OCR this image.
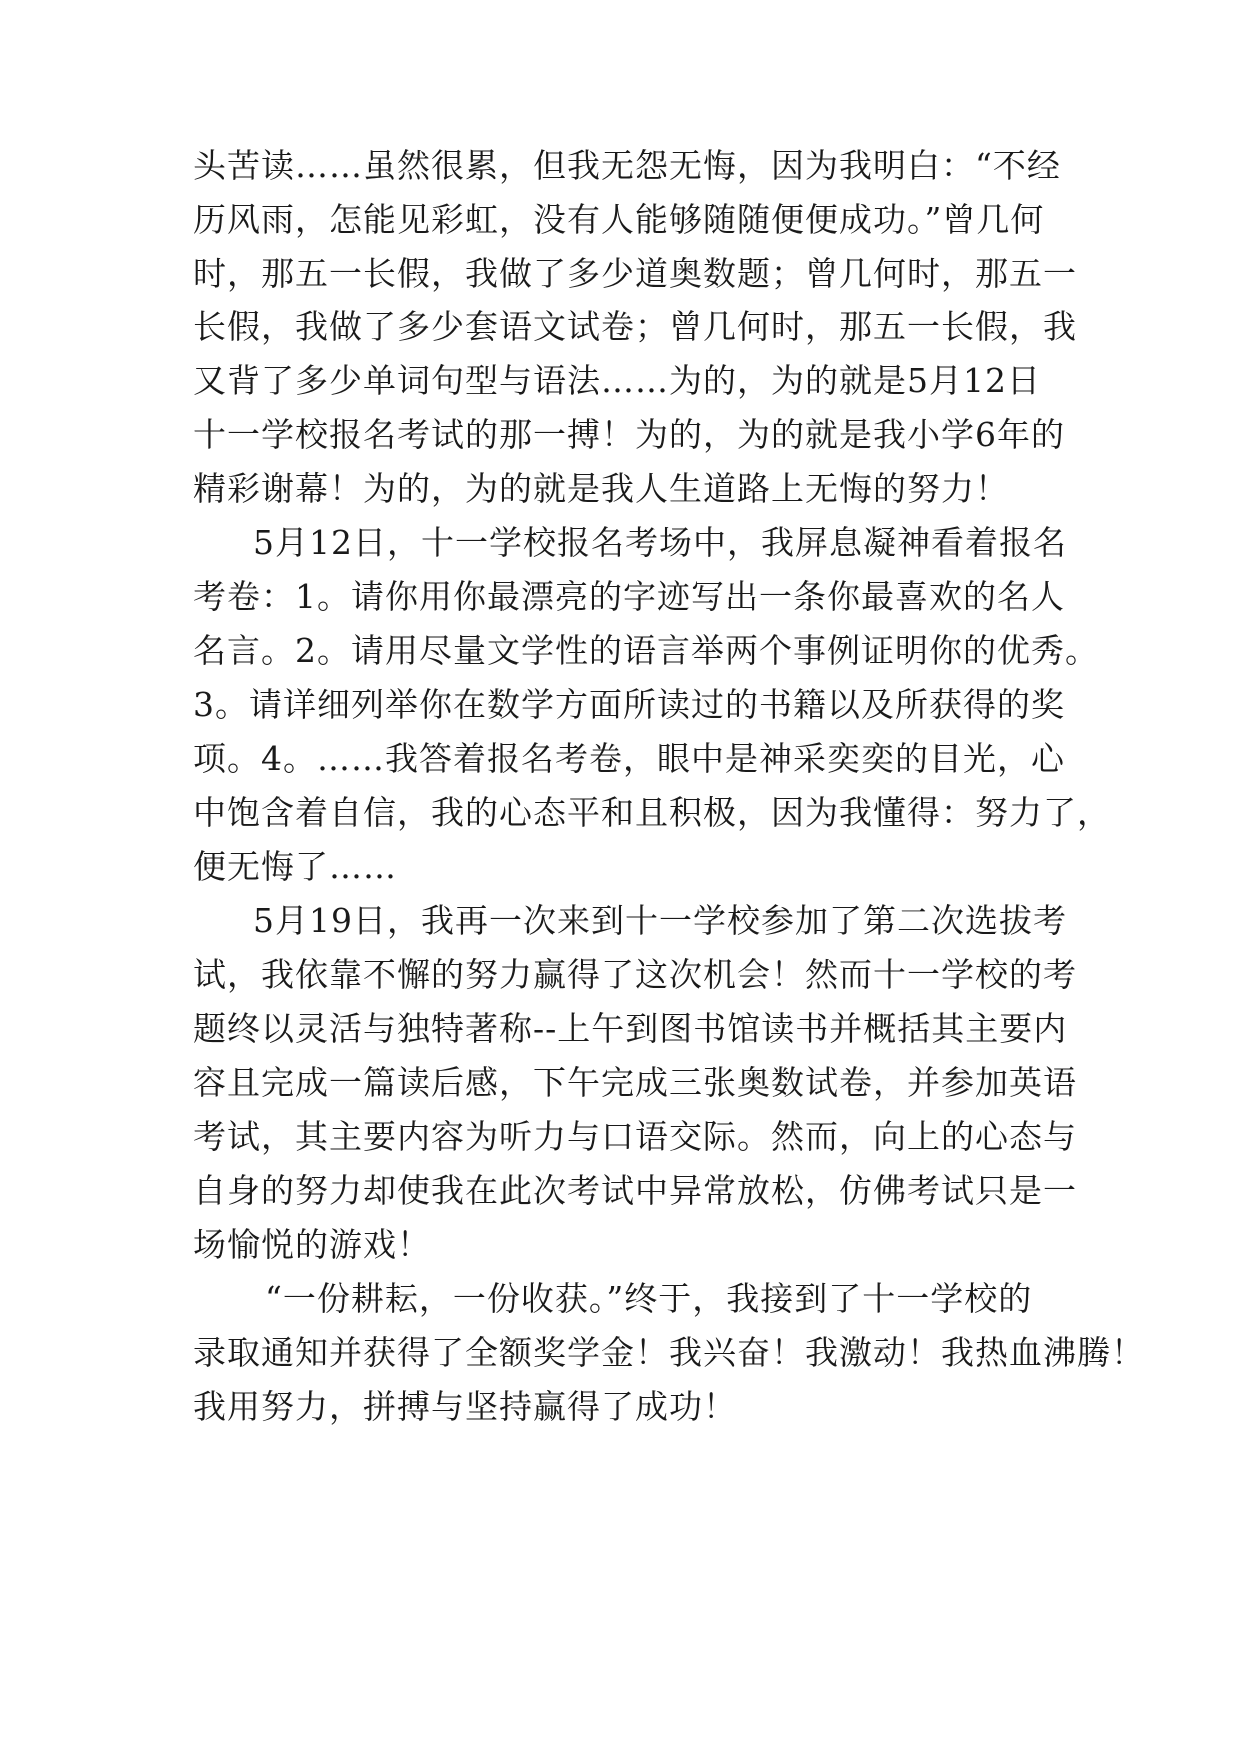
头苦读……虽然很累，但我无怨无悔，因为我明白：“不经
历风雨，怎能见彩虹，没有人能够随随便便成功。”曾几何
时，那五一长假，我做了多少道奥数题；曾几何时，那五一
长假，我做了多少套语文试卷；曾几何时，那五一长假，我
又背了多少单词句型与语法……为的，为的就是5月12日
十一学校报名考试的那一搏！为的，为的就是我小学6年的
精彩谢幕！为的，为的就是我人生道路上无悔的努力！
5月12日，十一学校报名考场中，我屏息凝神看着报名
考卷：1。请你用你最漂亮的字迹写出一条你最喜欢的名人
名言。2。请用尽量文学性的语言举两个事例证明你的优秀。
3。请详细列举你在数学方面所读过的书籍以及所获得的奖
项。4。……我答着报名考卷，眼中是神采奕奕的目光，心
中饱含着自信，我的心态平和且积极，因为我懂得：努力了，
便无悔了……
5月19日，我再一次来到十一学校参加了第二次选拔考
试，我依靠不懈的努力赢得了这次机会！然而十一学校的考
题终以灵活与独特著称--上午到图书馆读书并概括其主要内
容且完成一篇读后感，下午完成三张奥数试卷，并参加英语
考试，其主要内容为听力与口语交际。然而，向上的心态与
自身的努力却使我在此次考试中异常放松，仿佛考试只是一
场愉悦的游戏！
“一份耕耘，一份收获。”终于，我接到了十一学校的
录取通知并获得了全额奖学金！我兴奋！我激动！我热血沸腾！
我用努力，拼搏与坚持赢得了成功！
